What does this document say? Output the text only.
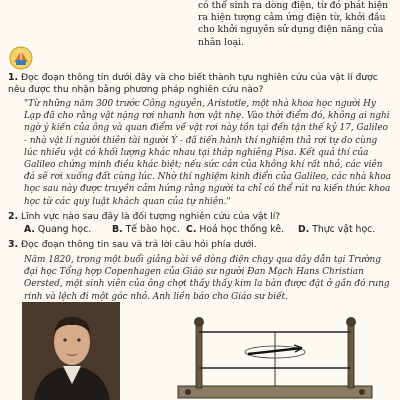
có thể sinh ra dòng điện, từ đó phát hiện ra hiện tượng cảm ứng điện từ, khởi đầu cho khởi nguyên sử dụng điện năng của nhân loại.
1. Đọc đoạn thông tin dưới đây và cho biết thành tựu nghiên cứu của vật lí được nêu được thu nhận bằng phương pháp nghiên cứu nào?
"Từ những năm 300 trước Công nguyên, Aristotle, một nhà khoa học người Hy Lạp đã cho rằng vật nặng rơi nhanh hơn vật nhẹ. Vào thời điểm đó, không ai nghi ngờ ý kiến của ông và quan điểm về vật rơi này tồn tại đến tận thế kỷ 17, Galileo - nhà vật lí người thiên tài người Ý - đã tiến hành thí nghiệm thả rơi tự do cùng lúc nhiều vật có khối lượng khác nhau tại tháp nghiêng Pisa. Kết quả thí của Galileo chứng minh điều khác biệt; nếu sức cản của không khí rất nhỏ, các viên đá sẽ rơi xuống đất cùng lúc. Nhờ thí nghiệm kinh điển của Galileo, các nhà khoa học sau này được truyền cảm hứng rằng người ta chỉ có thể rút ra kiến thức khoa học từ các quy luật khách quan của tự nhiên."
2. Lĩnh vực nào sau đây là đối tượng nghiên cứu của vật lí?
A. Quang học. B. Tế bào học. C. Hoá học thống kê. D. Thực vật học.
3. Đọc đoạn thông tin sau và trả lời câu hỏi phía dưới.
Năm 1820, trong một buổi giảng bài về dòng điện chạy qua dây dẫn tại Trường đại học Tổng hợp Copenhagen của Giáo sư người Đan Mạch Hans Christian Oersted, một sinh viên của ông chợt thấy thấy kim la bàn được đặt ở gần đó rung rinh và lệch đi một góc nhỏ. Anh liền báo cho Giáo sư biết.
